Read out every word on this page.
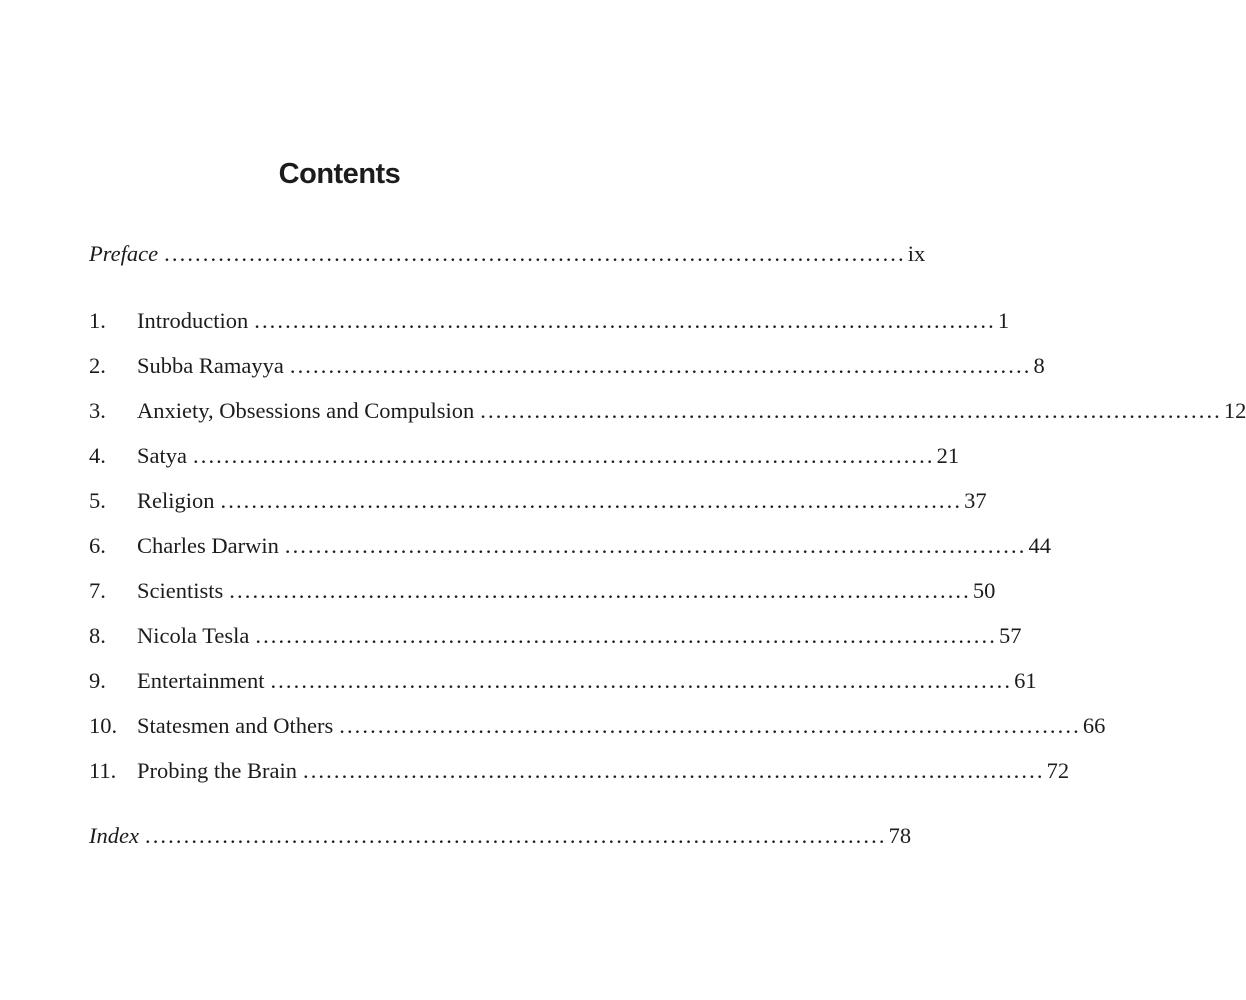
Contents
Preface ................................................................................................ ix
1.	Introduction ................................................................................................ 1
2.	Subba Ramayya ................................................................................................ 8
3.	Anxiety, Obsessions and Compulsion ................................................................................................ 12
4.	Satya ................................................................................................ 21
5.	Religion ................................................................................................ 37
6.	Charles Darwin ................................................................................................ 44
7.	Scientists ................................................................................................ 50
8.	Nicola Tesla ................................................................................................ 57
9.	Entertainment ................................................................................................ 61
10. Statesmen and Others ................................................................................................ 66
11. Probing the Brain ................................................................................................ 72
Index ................................................................................................ 78
